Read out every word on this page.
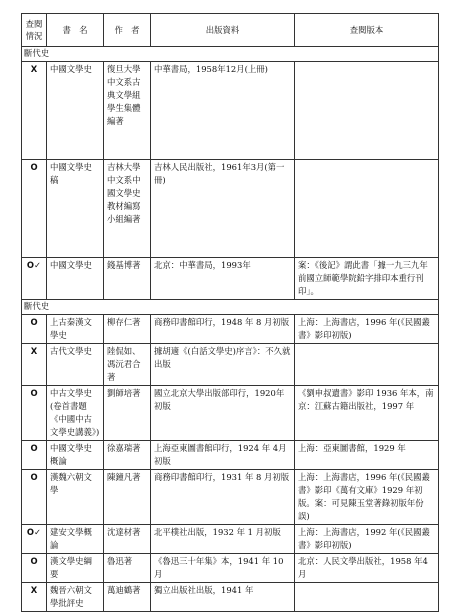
查閱情況	書　名	作　者	出版資料	查閱版本
斷代史				
X	中國文學史	復旦大學中文系古典文學組學生集體編著	中華書局，1958年12月(上冊)	
O	中國文學史稿	吉林大學中文系中國文學史教材編寫小組編著	吉林人民出版社，1961年3月(第一冊)	
O✓	中國文學史	錢基博著	北京：中華書局，1993年	案：《後記》謂此書「據一九三九年前國立師範學院鉛字排印本重行刊印」。
斷代史				
O	上古秦漢文學史	柳存仁著	商務印書館印行，1948 年 8 月初版	上海：上海書店，1996 年(《民國叢書》影印初版)
X	古代文學史	陸侃如、馮沅君合著	據胡適《(白話文學史)序言》：不久就出版	
O	中古文學史(卷首書題《中國中古文學史講義》)	劉師培著	國立北京大學出版部印行，1920年初版	《劉申叔遺書》影印 1936 年本，南京：江蘇古籍出版社，1997 年
O	中國文學史概論	徐嘉瑞著	上海亞東圖書館印行，1924 年 4月初版	上海：亞東圖書館，1929 年
O	漢魏六朝文學	陳鐘凡著	商務印書館印行，1931 年 8 月初版	上海：上海書店，1996 年(《民國叢書》影印《萬有文庫》1929 年初版。案：可見陳玉堂著錄初版年份誤)
O✓	建安文學概論	沈達材著	北平樸社出版，1932 年 1 月初版	上海：上海書店，1992 年(《民國叢書》影印初版)
O	漢文學史綱要	魯迅著	《魯迅三十年集》本，1941 年 10月	北京：人民文學出版社，1958 年4 月
X	魏晉六朝文學批評史	萬迪鶴著	獨立出版社出版，1941 年	
